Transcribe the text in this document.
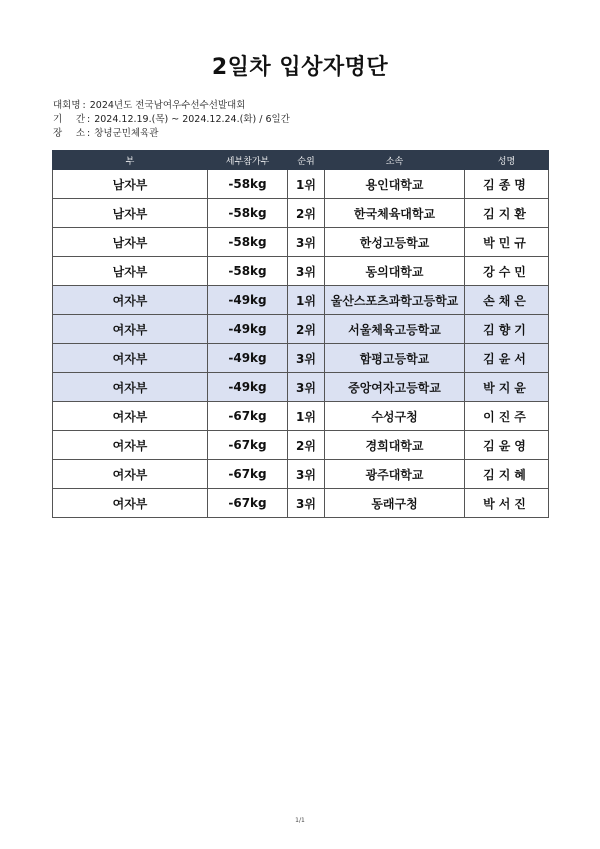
2일차 입상자명단
대회명 : 2024년도 전국남여우수선수선발대회
기 간 : 2024.12.19.(목) ~ 2024.12.24.(화) / 6일간
장 소 : 창녕군민체육관
부	세부참가부	순위	소속	성명
남자부	-58kg	1위	용인대학교	김종명
남자부	-58kg	2위	한국체육대학교	김지환
남자부	-58kg	3위	한성고등학교	박민규
남자부	-58kg	3위	동의대학교	강수민
여자부	-49kg	1위	울산스포츠과학고등학교	손채은
여자부	-49kg	2위	서울체육고등학교	김향기
여자부	-49kg	3위	함평고등학교	김윤서
여자부	-49kg	3위	중앙여자고등학교	박지윤
여자부	-67kg	1위	수성구청	이진주
여자부	-67kg	2위	경희대학교	김윤영
여자부	-67kg	3위	광주대학교	김지혜
여자부	-67kg	3위	동래구청	박서진
1/1
